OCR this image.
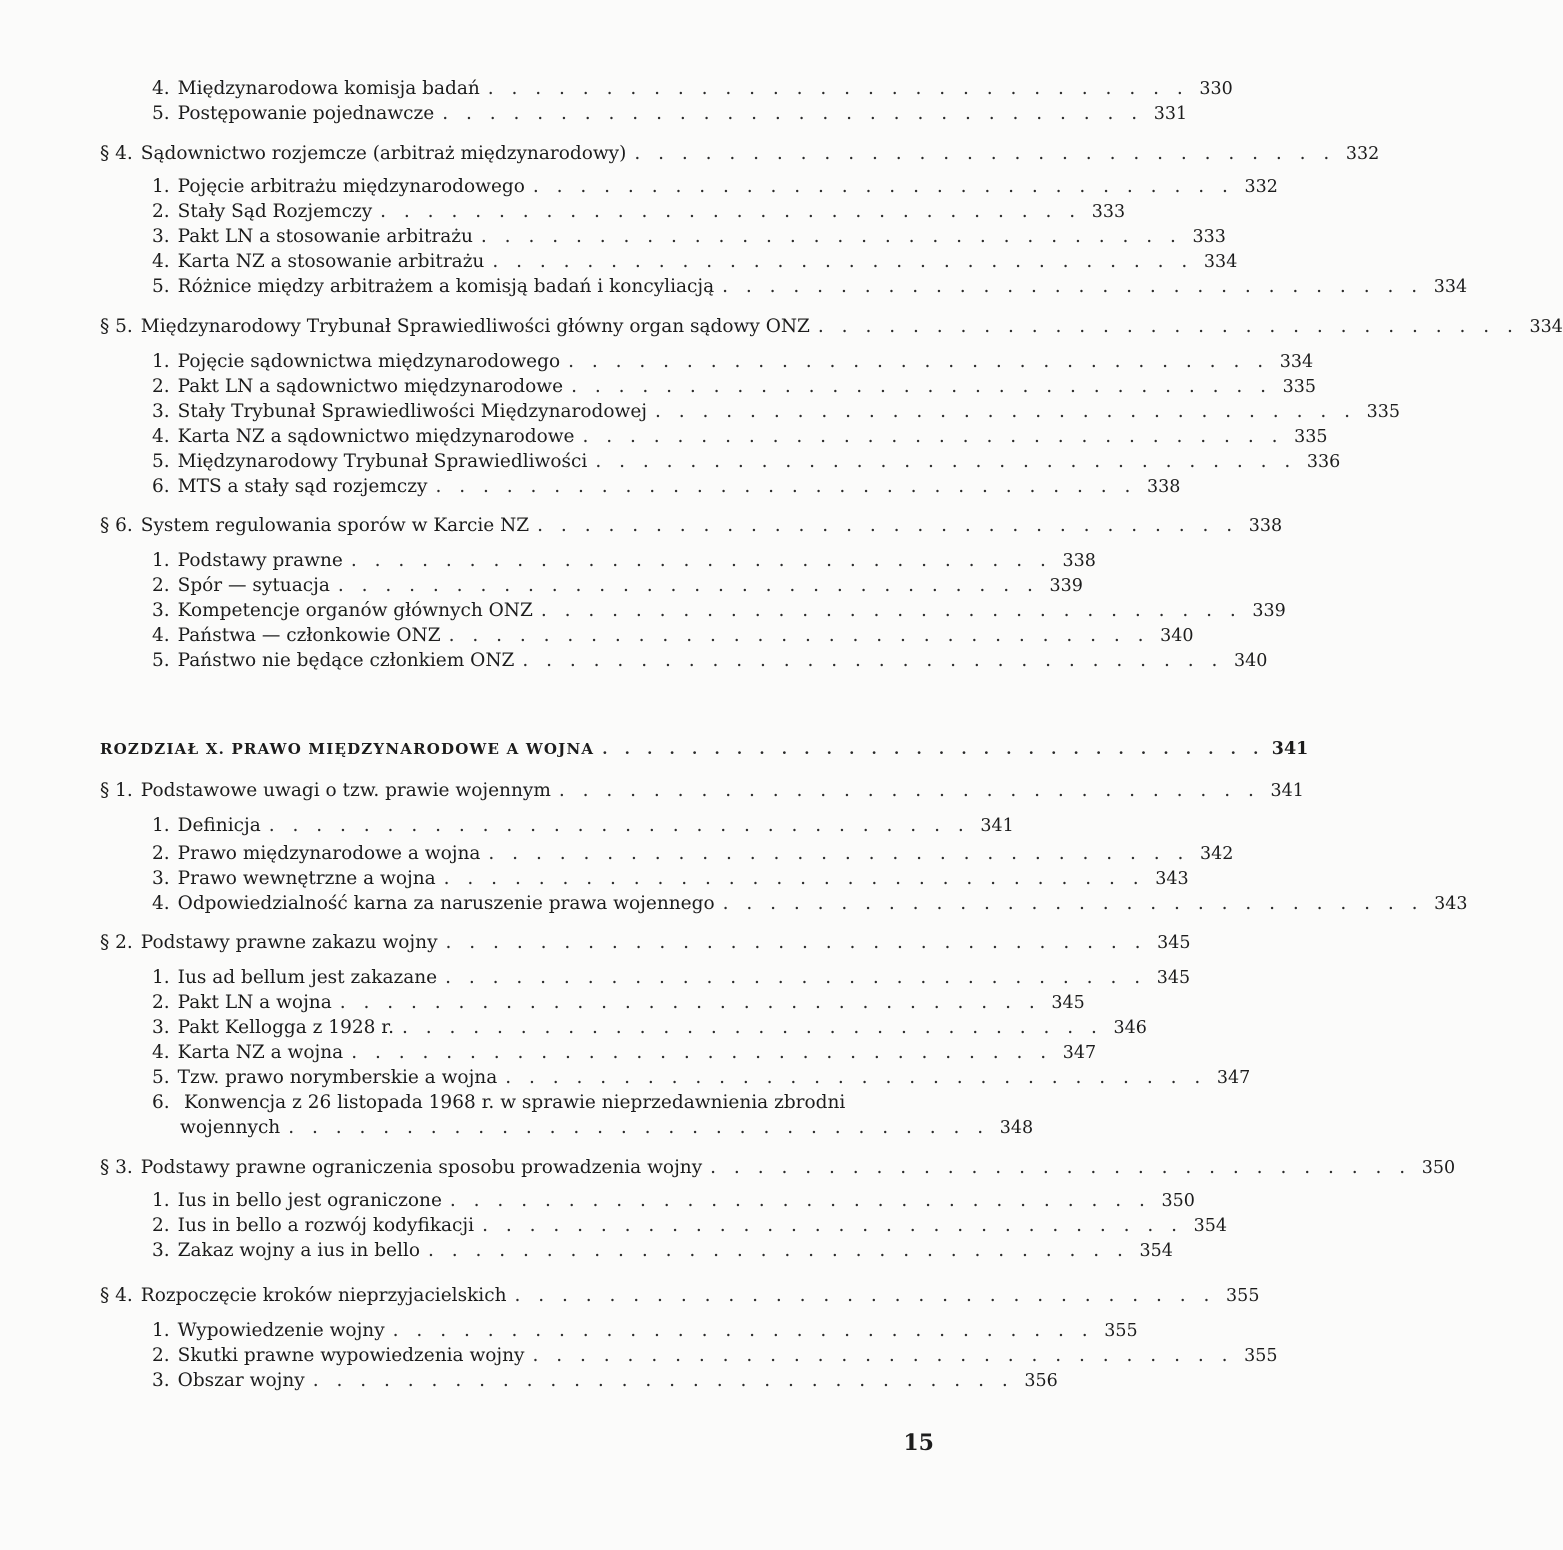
4. Międzynarodowa komisja badań . . . . . . . . . . . . . . . . . . . . . . . . . . . . . . 330
5. Postępowanie pojednawcze . . . . . . . . . . . . . . . . . . . . . . . . . . . . . . 331
§ 4. Sądownictwo rozjemcze (arbitraż międzynarodowy) . . . . . . . . . . . . . . . . . . . . . . . . . . . . . . 332
1. Pojęcie arbitrażu międzynarodowego . . . . . . . . . . . . . . . . . . . . . . . . . . . . . . 332
2. Stały Sąd Rozjemczy . . . . . . . . . . . . . . . . . . . . . . . . . . . . . . 333
3. Pakt LN a stosowanie arbitrażu . . . . . . . . . . . . . . . . . . . . . . . . . . . . . . 333
4. Karta NZ a stosowanie arbitrażu . . . . . . . . . . . . . . . . . . . . . . . . . . . . . . 334
5. Różnice między arbitrażem a komisją badań i koncyliacją . . . . . . . . . . . . . . . . . . . . . . . . . . . . . . 334
§ 5. Międzynarodowy Trybunał Sprawiedliwości główny organ sądowy ONZ . . . . . . . . . . . . . . . . . . . . . . . . . . . . . . 334
1. Pojęcie sądownictwa międzynarodowego . . . . . . . . . . . . . . . . . . . . . . . . . . . . . . 334
2. Pakt LN a sądownictwo międzynarodowe . . . . . . . . . . . . . . . . . . . . . . . . . . . . . . 335
3. Stały Trybunał Sprawiedliwości Międzynarodowej . . . . . . . . . . . . . . . . . . . . . . . . . . . . . . 335
4. Karta NZ a sądownictwo międzynarodowe . . . . . . . . . . . . . . . . . . . . . . . . . . . . . . 335
5. Międzynarodowy Trybunał Sprawiedliwości . . . . . . . . . . . . . . . . . . . . . . . . . . . . . . 336
6. MTS a stały sąd rozjemczy . . . . . . . . . . . . . . . . . . . . . . . . . . . . . . 338
§ 6. System regulowania sporów w Karcie NZ . . . . . . . . . . . . . . . . . . . . . . . . . . . . . . 338
1. Podstawy prawne . . . . . . . . . . . . . . . . . . . . . . . . . . . . . . 338
2. Spór — sytuacja . . . . . . . . . . . . . . . . . . . . . . . . . . . . . . 339
3. Kompetencje organów głównych ONZ . . . . . . . . . . . . . . . . . . . . . . . . . . . . . . 339
4. Państwa — członkowie ONZ . . . . . . . . . . . . . . . . . . . . . . . . . . . . . . 340
5. Państwo nie będące członkiem ONZ . . . . . . . . . . . . . . . . . . . . . . . . . . . . . . 340
ROZDZIAŁ X. PRAWO MIĘDZYNARODOWE A WOJNA . . . . . . . . . . . . . . . . . . . . . . . . . . . . . . 341
§ 1. Podstawowe uwagi o tzw. prawie wojennym . . . . . . . . . . . . . . . . . . . . . . . . . . . . . . 341
1. Definicja . . . . . . . . . . . . . . . . . . . . . . . . . . . . . . 341
2. Prawo międzynarodowe a wojna . . . . . . . . . . . . . . . . . . . . . . . . . . . . . . 342
3. Prawo wewnętrzne a wojna . . . . . . . . . . . . . . . . . . . . . . . . . . . . . . 343
4. Odpowiedzialność karna za naruszenie prawa wojennego . . . . . . . . . . . . . . . . . . . . . . . . . . . . . . 343
§ 2. Podstawy prawne zakazu wojny . . . . . . . . . . . . . . . . . . . . . . . . . . . . . . 345
1. Ius ad bellum jest zakazane . . . . . . . . . . . . . . . . . . . . . . . . . . . . . . 345
2. Pakt LN a wojna . . . . . . . . . . . . . . . . . . . . . . . . . . . . . . 345
3. Pakt Kellogga z 1928 r. . . . . . . . . . . . . . . . . . . . . . . . . . . . . . . 346
4. Karta NZ a wojna . . . . . . . . . . . . . . . . . . . . . . . . . . . . . . 347
5. Tzw. prawo norymberskie a wojna . . . . . . . . . . . . . . . . . . . . . . . . . . . . . . 347
6. Konwencja z 26 listopada 1968 r. w sprawie nieprzedawnienia zbrodni
wojennych . . . . . . . . . . . . . . . . . . . . . . . . . . . . . . 348
§ 3. Podstawy prawne ograniczenia sposobu prowadzenia wojny . . . . . . . . . . . . . . . . . . . . . . . . . . . . . . 350
1. Ius in bello jest ograniczone . . . . . . . . . . . . . . . . . . . . . . . . . . . . . . 350
2. Ius in bello a rozwój kodyfikacji . . . . . . . . . . . . . . . . . . . . . . . . . . . . . . 354
3. Zakaz wojny a ius in bello . . . . . . . . . . . . . . . . . . . . . . . . . . . . . . 354
§ 4. Rozpoczęcie kroków nieprzyjacielskich . . . . . . . . . . . . . . . . . . . . . . . . . . . . . . 355
1. Wypowiedzenie wojny . . . . . . . . . . . . . . . . . . . . . . . . . . . . . . 355
2. Skutki prawne wypowiedzenia wojny . . . . . . . . . . . . . . . . . . . . . . . . . . . . . . 355
3. Obszar wojny . . . . . . . . . . . . . . . . . . . . . . . . . . . . . . 356
15
